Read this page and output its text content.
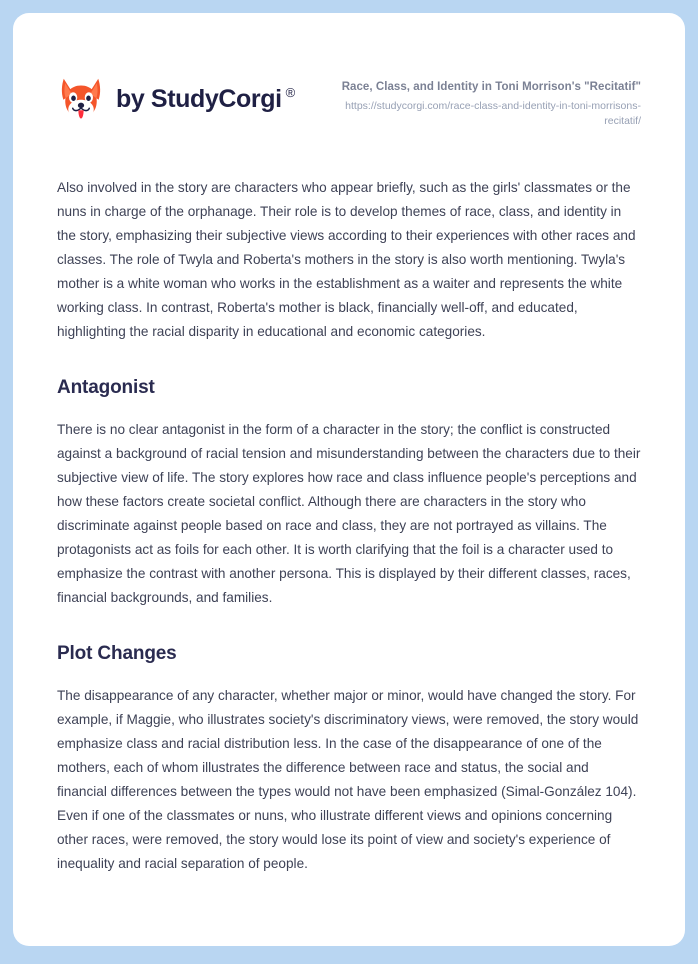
by StudyCorgi ®	Race, Class, and Identity in Toni Morrison's "Recitatif"

https://studycorgi.com/race-class-and-identity-in-toni-morrisons-recitatif/

Also involved in the story are characters who appear briefly, such as the girls' classmates or the nuns in charge of the orphanage. Their role is to develop themes of race, class, and identity in the story, emphasizing their subjective views according to their experiences with other races and classes. The role of Twyla and Roberta's mothers in the story is also worth mentioning. Twyla's mother is a white woman who works in the establishment as a waiter and represents the white working class. In contrast, Roberta's mother is black, financially well-off, and educated, highlighting the racial disparity in educational and economic categories.

Antagonist

There is no clear antagonist in the form of a character in the story; the conflict is constructed against a background of racial tension and misunderstanding between the characters due to their subjective view of life. The story explores how race and class influence people's perceptions and how these factors create societal conflict. Although there are characters in the story who discriminate against people based on race and class, they are not portrayed as villains. The protagonists act as foils for each other. It is worth clarifying that the foil is a character used to emphasize the contrast with another persona. This is displayed by their different classes, races, financial backgrounds, and families.

Plot Changes

The disappearance of any character, whether major or minor, would have changed the story. For example, if Maggie, who illustrates society's discriminatory views, were removed, the story would emphasize class and racial distribution less. In the case of the disappearance of one of the mothers, each of whom illustrates the difference between race and status, the social and financial differences between the types would not have been emphasized (Simal-González 104). Even if one of the classmates or nuns, who illustrate different views and opinions concerning other races, were removed, the story would lose its point of view and society's experience of inequality and racial separation of people.
